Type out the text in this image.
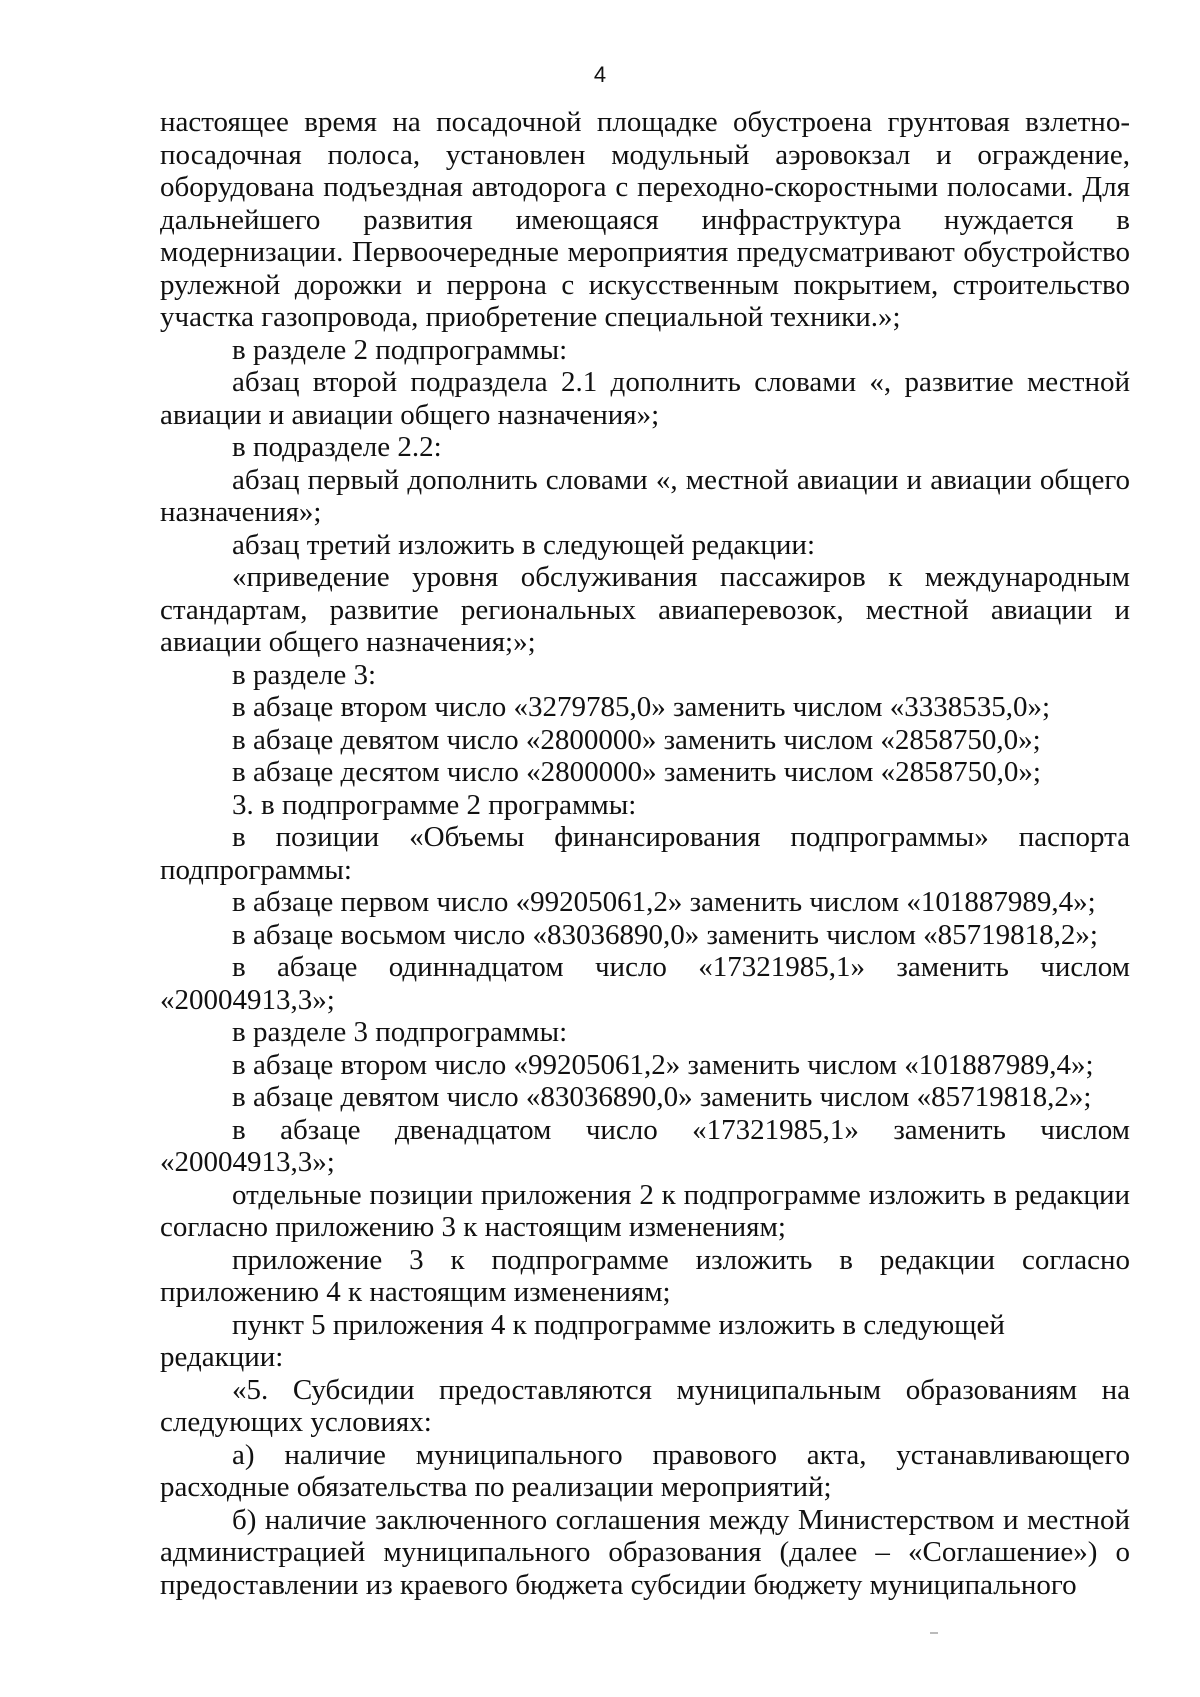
4

настоящее время на посадочной площадке обустроена грунтовая взлетно-посадочная полоса, установлен модульный аэровокзал и ограждение, оборудована подъездная автодорога с переходно-скоростными полосами. Для дальнейшего развития имеющаяся инфраструктура нуждается в модернизации. Первоочередные мероприятия предусматривают обустройство рулежной дорожки и перрона с искусственным покрытием, строительство участка газопровода, приобретение специальной техники.»;

в разделе 2 подпрограммы:

абзац второй подраздела 2.1 дополнить словами «, развитие местной авиации и авиации общего назначения»;

в подразделе 2.2:

абзац первый дополнить словами «, местной авиации и авиации общего назначения»;

абзац третий изложить в следующей редакции:

«приведение уровня обслуживания пассажиров к международным стандартам, развитие региональных авиаперевозок, местной авиации и авиации общего назначения;»;

в разделе 3:

в абзаце втором число «3279785,0» заменить числом «3338535,0»;

в абзаце девятом число «2800000» заменить числом «2858750,0»;

в абзаце десятом число «2800000» заменить числом «2858750,0»;

3. в подпрограмме 2 программы:

в позиции «Объемы финансирования подпрограммы» паспорта подпрограммы:

в абзаце первом число «99205061,2» заменить числом «101887989,4»;

в абзаце восьмом число «83036890,0» заменить числом «85719818,2»;

в абзаце одиннадцатом число «17321985,1» заменить числом «20004913,3»;

в разделе 3 подпрограммы:

в абзаце втором число «99205061,2» заменить числом «101887989,4»;

в абзаце девятом число «83036890,0» заменить числом «85719818,2»;

в абзаце двенадцатом число «17321985,1» заменить числом «20004913,3»;

отдельные позиции приложения 2 к подпрограмме изложить в редакции согласно приложению 3 к настоящим изменениям;

приложение 3 к подпрограмме изложить в редакции согласно приложению 4 к настоящим изменениям;

пункт 5 приложения 4 к подпрограмме изложить в следующей редакции:

«5. Субсидии предоставляются муниципальным образованиям на следующих условиях:

а) наличие муниципального правового акта, устанавливающего расходные обязательства по реализации мероприятий;

б) наличие заключенного соглашения между Министерством и местной администрацией муниципального образования (далее – «Соглашение») о предоставлении из краевого бюджета субсидии бюджету муниципального
